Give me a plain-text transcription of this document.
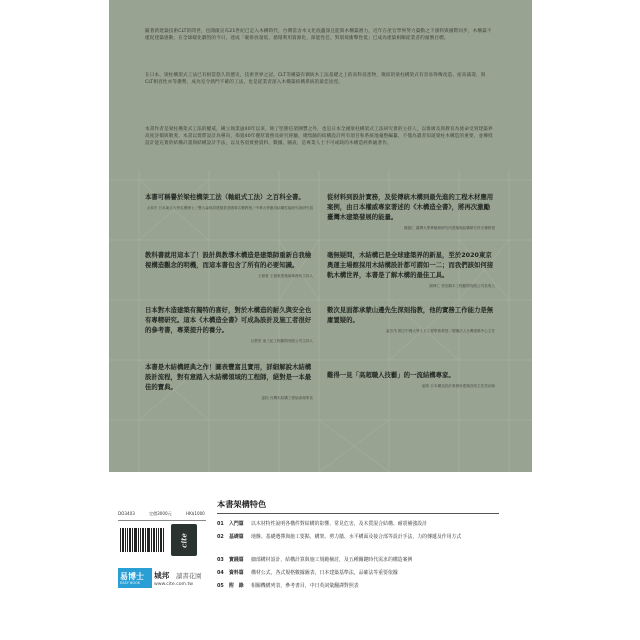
隨著新建築技術CLT的問世，也開啟宣布21世紀已走入木構時代，台灣當舍木文化底蘊深且能與木構築潛力，近年在產官學界努力築動之下頒料與國際同步，木構築不僅促建築感動，在全球暖化劇烈的今日，達成「碳排放量低、循環利用資源化、節能性佳、對環境衝擊性低」已成為建築相關從業者的頭號目標。

在日本，梁柱構架式工法已有相當悠久的歷史，技術世界之冠。CLT等構築有偶統木工法基礎之上的高科技產物，微結的梁柱構架式有容易得傳改造、座高減壽，與CLT相容性亦等優勢，成為室令熱門不確的工法，也是從業者深入木構築結構系統的最佳途徑。

本書作者是梁柱構架式工法的權威，橫立執業逾40年以來，除了堅勝信架陳豐之外，也是日本全國梁柱構架式工法研究會的主持人，以推廣及與教育為使命受到建築界高度評價與敬愛。本書以實際設計為導向，佈置40年優厚實務及研究經驗，總集隨的結構設計所有項目和系統地彙整編纂，不僅為讀者知道梁柱木構造的重要，並傳授設計能充實的結構計畫與結構設計手法，以及各項實務資料、數據、圖表，是專業人士不可或缺的木構造經典級著作。

本書可稱譽於梁柱構架工法（軸組式工法）之百科全書。

太和夫 日本東京大學名譽博士／豐大森林清建築業設國事名譽教授／中華大學應用結構性能研究會研究員

教科書就用這本了！設計與教導木構造是建築師重新自我檢視構造觀念的明機，而這本書包含了所有的必要知識。

王碩豪 王碩豪建築師事務所主持人

日本對木造建築有獨特的喜好，對於木構造的耐久與安全也有專精研究。這本《木構造全書》可成為設計及施工者很好的參考書，專業提升的養分。

呂教堂 東工紀工程顧問有限公司主持人

本書是木結構經典之作！圖表豐富且實用，詳細解說木結構設計流程，對有意踏入木結構領域的工程師，絕對是一本最佳的寶典。

邵拓 台灣木結構工程協會理事長

從材料到設計實務，及從傳統木構到最先進的工程木材應用案例，由日本權威專家著述的《木構造全書》，將再次激勵臺灣木建築發展的能量。

陳啟仁 臺灣大學實驗林研究所建築與結構研究所名譽教授

毫無疑問，木結構已是全球建築界的新星，至於2020東京奧運主場館採用木結構設計都可謂如一二；而我們該如何接軌木構世界，本書是了解木構的最佳工具。

謝坤仁 瑩信鋼木工程顧問有限公司負責人

數次見面都承蒙山邊先生深刻指教，他的實務工作能力是無庸置疑的。

蕭芳茂 國立中興大學土木工程學系教授／財團法人台灣建築中心主任

難得一見「高超職人技藝」的一流結構專家。

趙韋 日本構造設計事務所建築首席主任設計師

DO3403	定價3000元	HK$1000
cite
易博士
EASY BOOK
城邦 讀書花園
www.cite.com.tw
本書架構特色
01 入門篇 以木材特性說明各構件對結構的影響、常見危害，及木質混合結構、耐震補強設計
02 基礎篇 地盤、基礎選擇與施工要點，構架、剪力牆、水平構面及接合部等設計手法，力的傳遞及作用方式
03 實踐篇 細部構材設計，結構計算與施工規範檢討，及五種關鍵時代需求的構造案例
04 資料篇 構材公式，各式規格數據圖表，日本建築基準法，品確法等重要依據
05 附　錄 相關機構列表，參考書目，中日英詞彙翻譯對照表
